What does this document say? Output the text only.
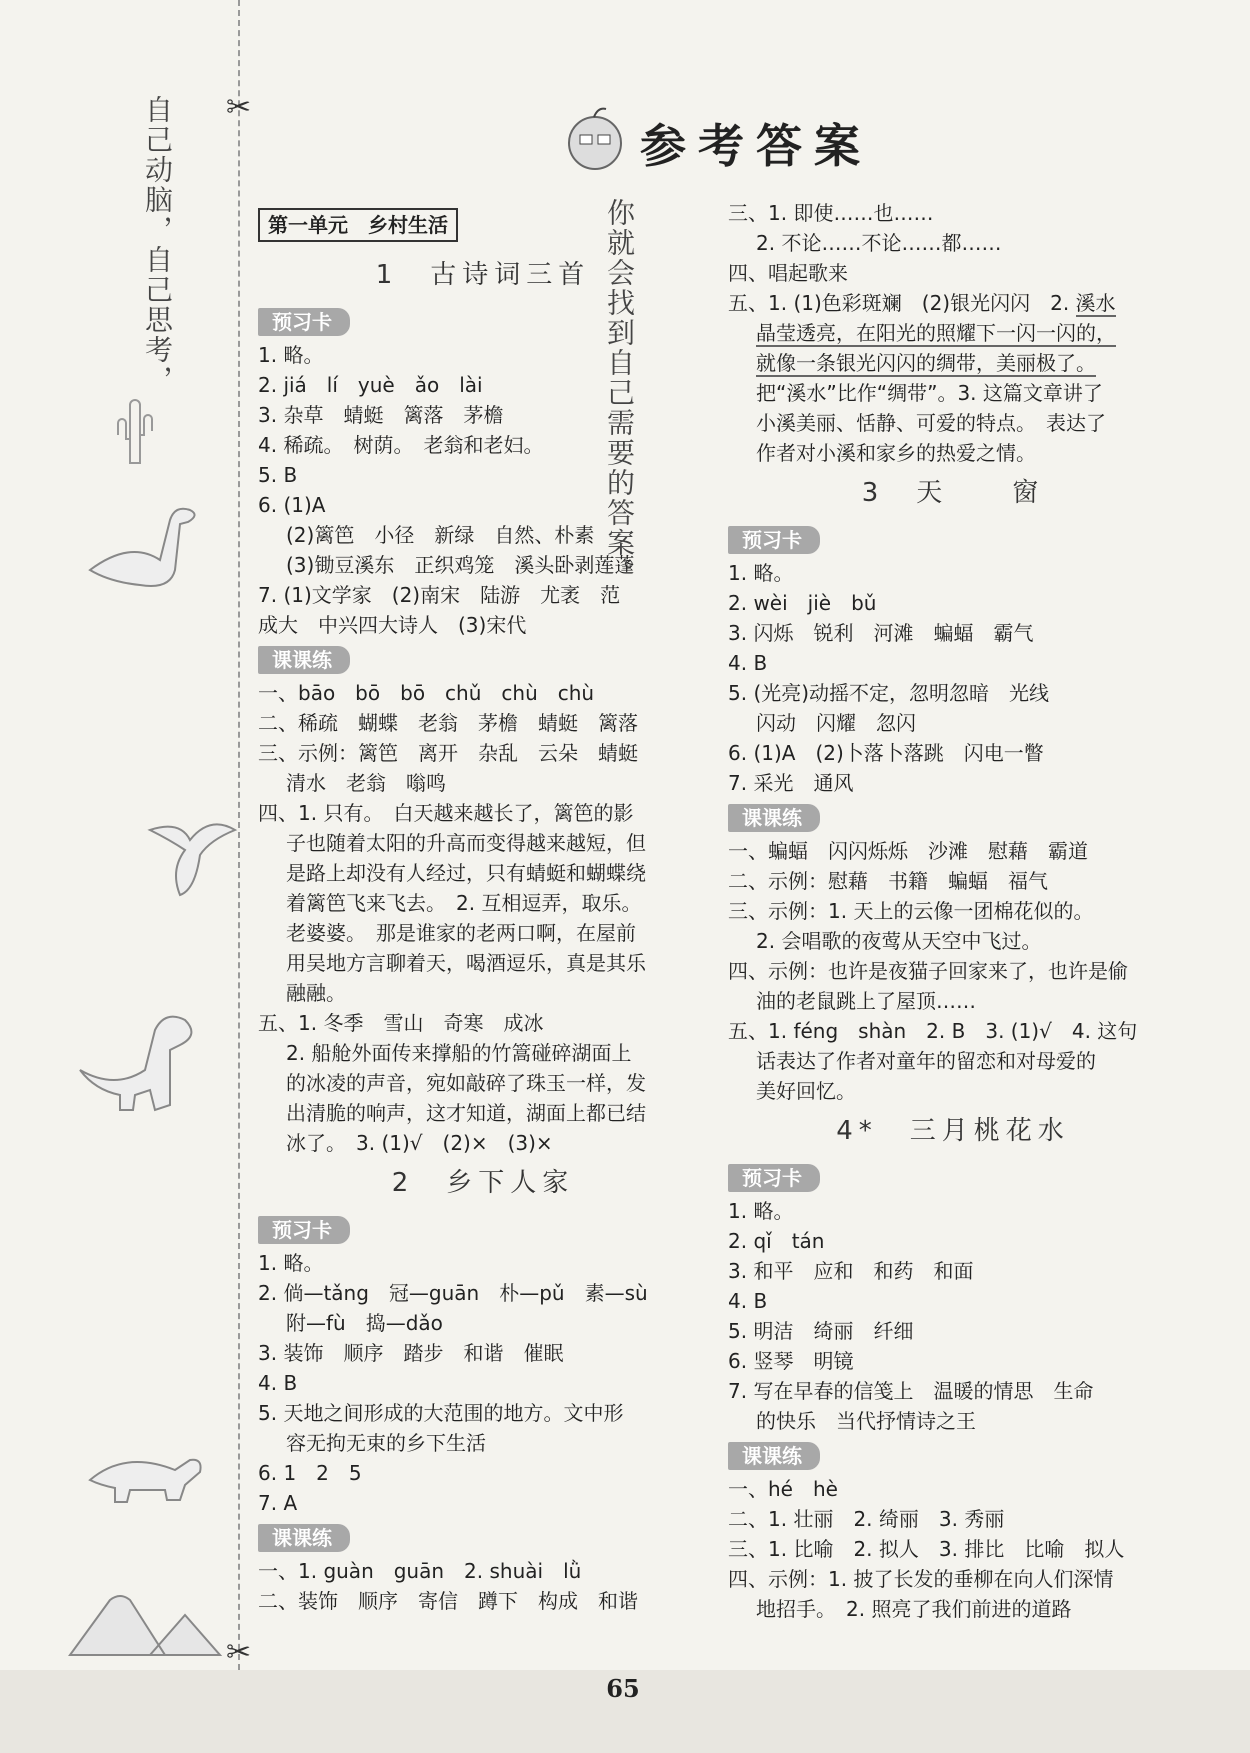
✂
✂
自己动脑，自己思考，	你就会找到自己需要的答案。
参考答案
第一单元　乡村生活
1　古诗词三首
预习卡
1. 略。
2. jiá　lí　yuè　ǎo　lài
3. 杂草　蜻蜓　篱落　茅檐
4. 稀疏。　树荫。　老翁和老妇。
5. B
6. (1)A
(2)篱笆　小径　新绿　自然、朴素
(3)锄豆溪东　正织鸡笼　溪头卧剥莲蓬
7. (1)文学家　(2)南宋　陆游　尤袤　范
成大　中兴四大诗人　(3)宋代
课课练
一、bāo　bō　bō　chǔ　chù　chù
二、稀疏　蝴蝶　老翁　茅檐　蜻蜓　篱落
三、示例：篱笆　离开　杂乱　云朵　蜻蜓
清水　老翁　嗡鸣
四、1. 只有。　白天越来越长了，篱笆的影
子也随着太阳的升高而变得越来越短，但
是路上却没有人经过，只有蜻蜓和蝴蝶绕
着篱笆飞来飞去。　2. 互相逗弄，取乐。
老婆婆。　那是谁家的老两口啊，在屋前
用吴地方言聊着天，喝酒逗乐，真是其乐
融融。
五、1. 冬季　雪山　奇寒　成冰
2. 船舱外面传来撑船的竹篙碰碎湖面上
的冰凌的声音，宛如敲碎了珠玉一样，发
出清脆的响声，这才知道，湖面上都已结
冰了。　3. (1)√　(2)×　(3)×
2　乡下人家
预习卡
1. 略。
2. 倘—tǎng　冠—guān　朴—pǔ　素—sù
附—fù　捣—dǎo
3. 装饰　顺序　踏步　和谐　催眠
4. B
5. 天地之间形成的大范围的地方。文中形
容无拘无束的乡下生活
6. 1　2　5
7. A
课课练
一、1. guàn　guān　2. shuài　lǜ
二、装饰　顺序　寄信　蹲下　构成　和谐
三、1. 即使……也……
2. 不论……不论……都……
四、唱起歌来
五、1. (1)色彩斑斓　(2)银光闪闪　2. 溪水
晶莹透亮，在阳光的照耀下一闪一闪的，
就像一条银光闪闪的绸带，美丽极了。
把“溪水”比作“绸带”。3. 这篇文章讲了
小溪美丽、恬静、可爱的特点。　表达了
作者对小溪和家乡的热爱之情。
3　天　　窗
预习卡
1. 略。
2. wèi　jiè　bǔ
3. 闪烁　锐利　河滩　蝙蝠　霸气
4. B
5. (光亮)动摇不定，忽明忽暗　光线
闪动　闪耀　忽闪
6. (1)A　(2)卜落卜落跳　闪电一瞥
7. 采光　通风
课课练
一、蝙蝠　闪闪烁烁　沙滩　慰藉　霸道
二、示例：慰藉　书籍　蝙蝠　福气
三、示例：1. 天上的云像一团棉花似的。
2. 会唱歌的夜莺从天空中飞过。
四、示例：也许是夜猫子回家来了，也许是偷
油的老鼠跳上了屋顶……
五、1. féng　shàn　2. B　3. (1)√　4. 这句
话表达了作者对童年的留恋和对母爱的
美好回忆。
4*　三月桃花水
预习卡
1. 略。
2. qǐ　tán
3. 和平　应和　和药　和面
4. B
5. 明洁　绮丽　纤细
6. 竖琴　明镜
7. 写在早春的信笺上　温暖的情思　生命
的快乐　当代抒情诗之王
课课练
一、hé　hè
二、1. 壮丽　2. 绮丽　3. 秀丽
三、1. 比喻　2. 拟人　3. 排比　比喻　拟人
四、示例：1. 披了长发的垂柳在向人们深情
地招手。　2. 照亮了我们前进的道路
65
